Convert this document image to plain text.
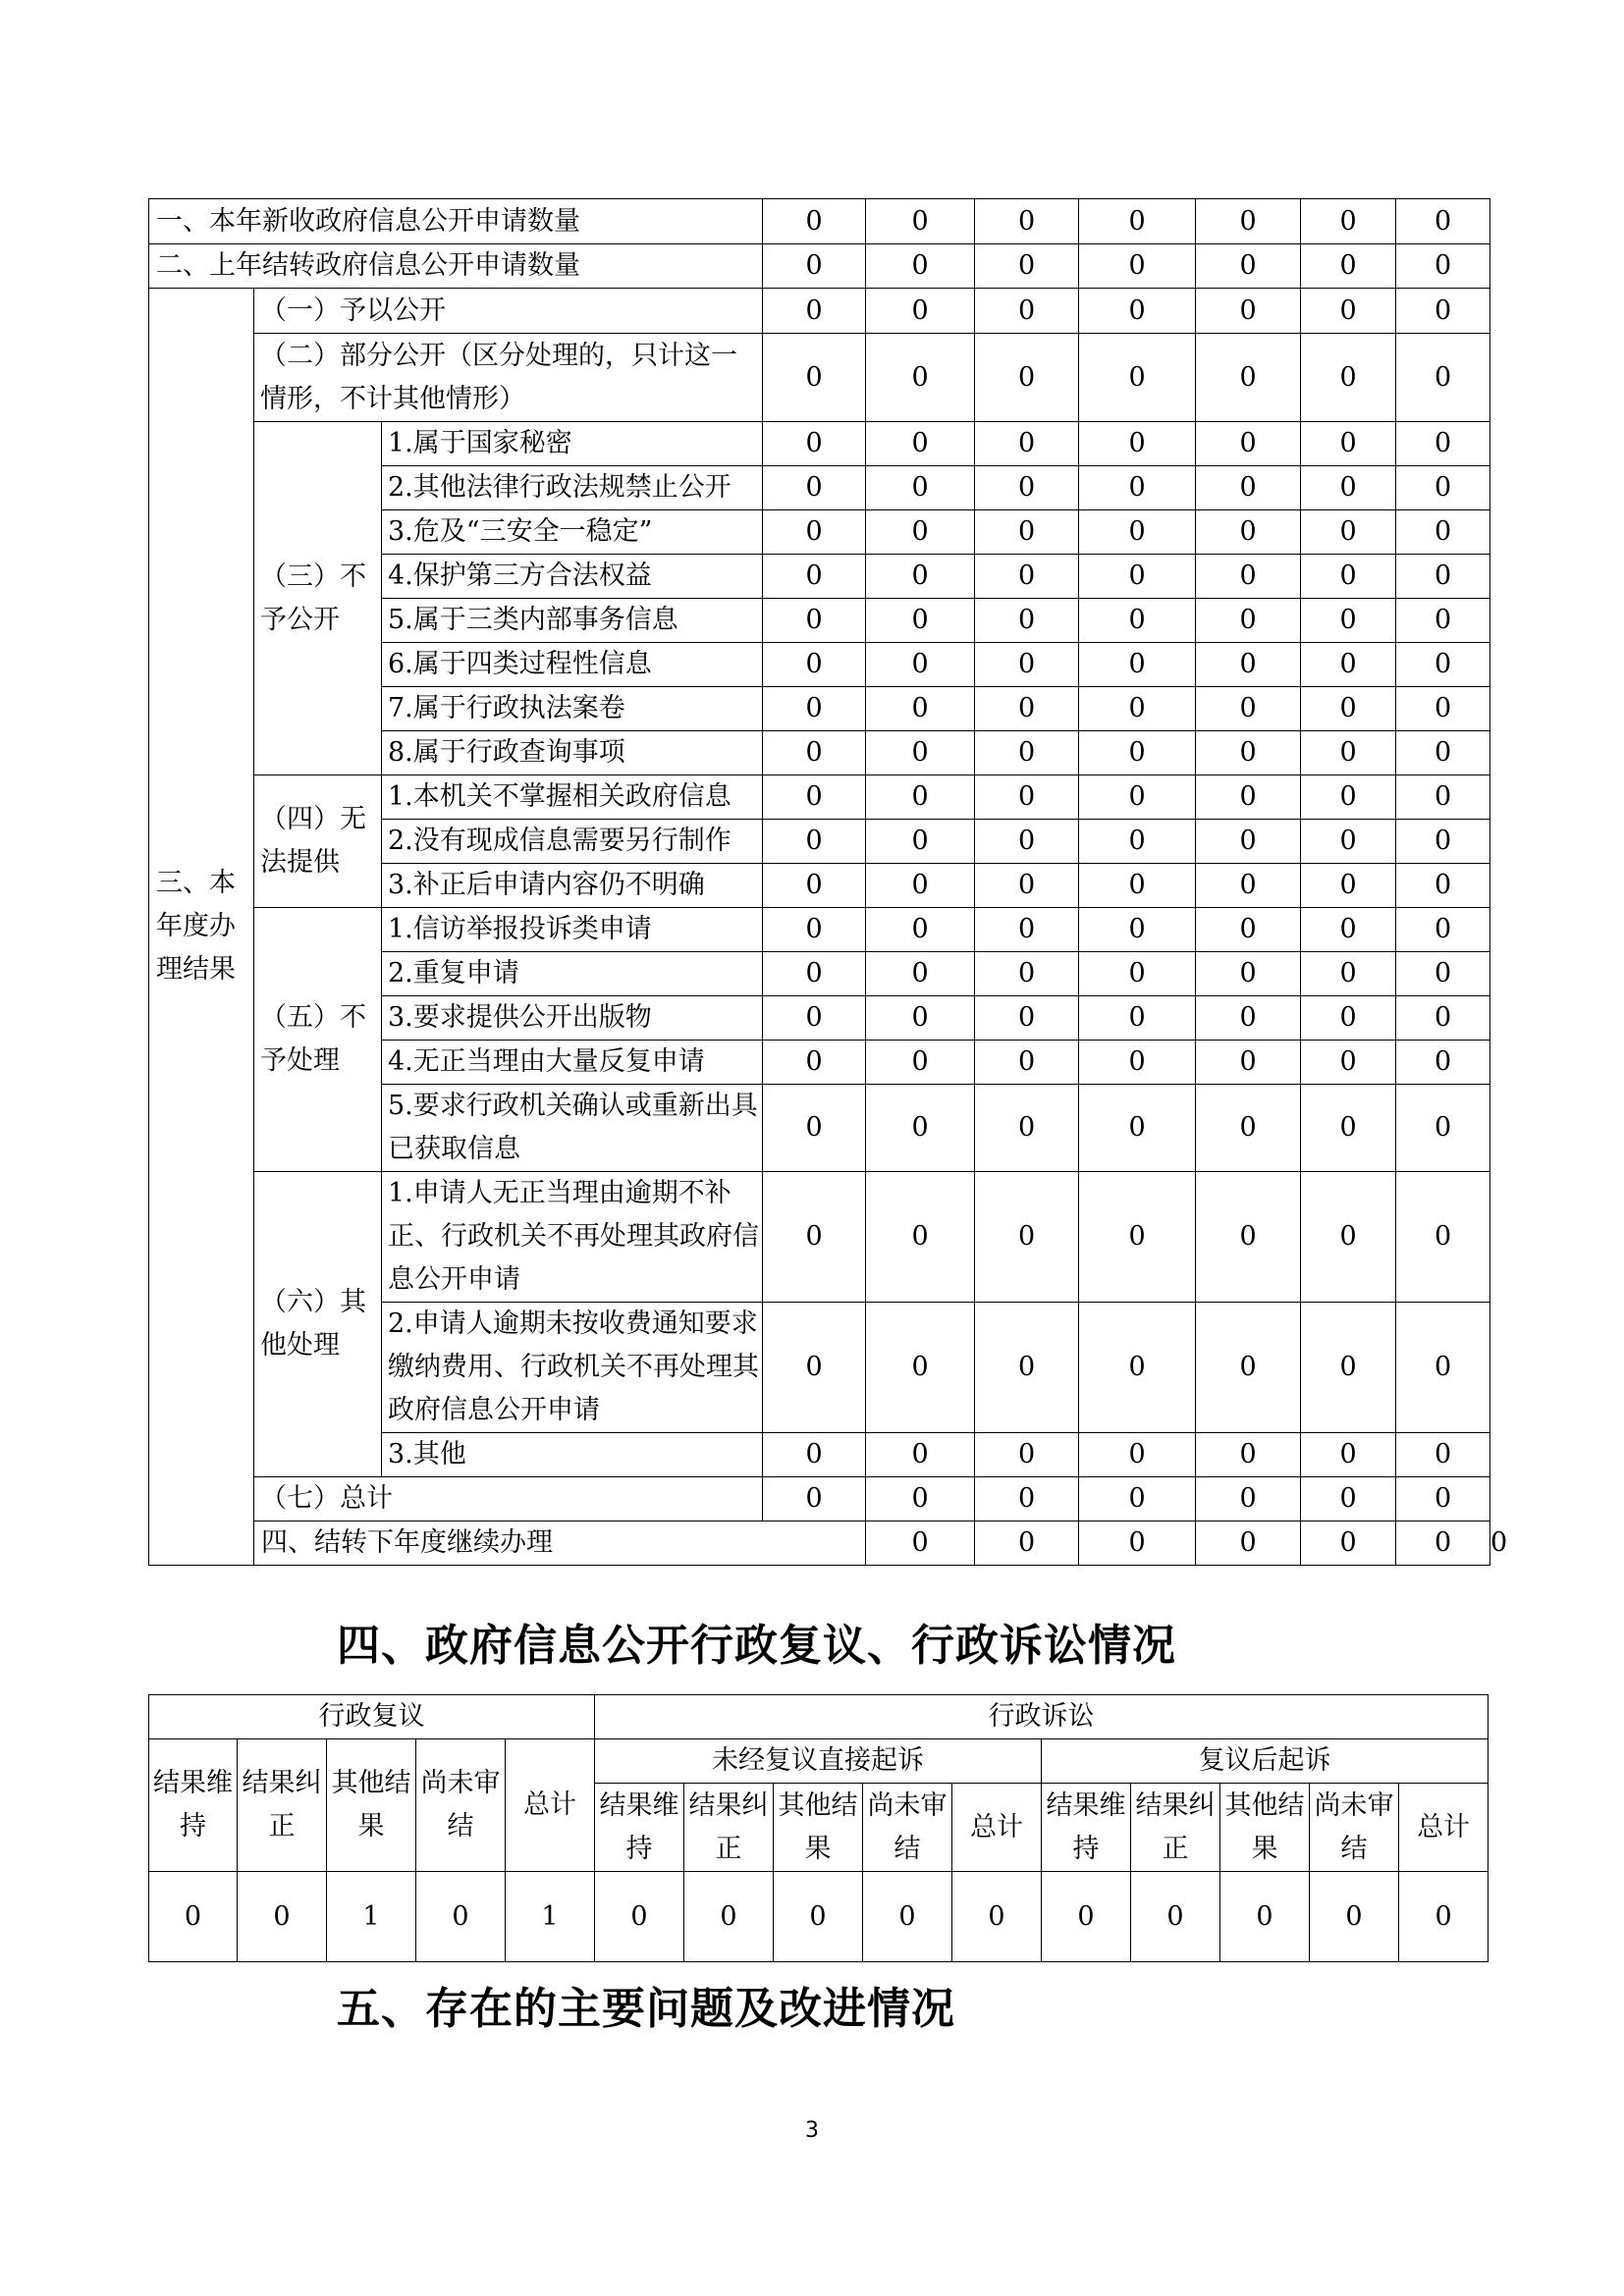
一、本年新收政府信息公开申请数量			0	0	0	0	0	0	0	
二、上年结转政府信息公开申请数量			0	0	0	0	0	0	0	
三、本年度办理结果	（一）予以公开		0	0	0	0	0	0	0	
	（二）部分公开（区分处理的，只计这一情形，不计其他情形）		0	0	0	0	0	0	0	
	（三）不予公开	1.属于国家秘密	0	0	0	0	0	0	0	
		2.其他法律行政法规禁止公开	0	0	0	0	0	0	0	
		3.危及“三安全一稳定”	0	0	0	0	0	0	0	
		4.保护第三方合法权益	0	0	0	0	0	0	0	
		5.属于三类内部事务信息	0	0	0	0	0	0	0	
		6.属于四类过程性信息	0	0	0	0	0	0	0	
		7.属于行政执法案卷	0	0	0	0	0	0	0	
		8.属于行政查询事项	0	0	0	0	0	0	0	
	（四）无法提供	1.本机关不掌握相关政府信息	0	0	0	0	0	0	0	
		2.没有现成信息需要另行制作	0	0	0	0	0	0	0	
		3.补正后申请内容仍不明确	0	0	0	0	0	0	0	
	（五）不予处理	1.信访举报投诉类申请	0	0	0	0	0	0	0	
		2.重复申请	0	0	0	0	0	0	0	
		3.要求提供公开出版物	0	0	0	0	0	0	0	
		4.无正当理由大量反复申请	0	0	0	0	0	0	0	
		5.要求行政机关确认或重新出具已获取信息	0	0	0	0	0	0	0	
	（六）其他处理	1.申请人无正当理由逾期不补正、行政机关不再处理其政府信息公开申请	0	0	0	0	0	0	0	
		2.申请人逾期未按收费通知要求缴纳费用、行政机关不再处理其政府信息公开申请	0	0	0	0	0	0	0	
		3.其他	0	0	0	0	0	0	0	
	（七）总计		0	0	0	0	0	0	0	
	四、结转下年度继续办理			0	0	0	0	0	0	0
四、政府信息公开行政复议、行政诉讼情况
行政复议					行政诉讼									
结果维持	结果纠正	其他结果	尚未审结	总计	未经复议直接起诉					复议后起诉				
					结果维持	结果纠正	其他结果	尚未审结	总计	结果维持	结果纠正	其他结果	尚未审结	总计
0	0	1	0	1	0	0	0	0	0	0	0	0	0	0
五、存在的主要问题及改进情况
3
